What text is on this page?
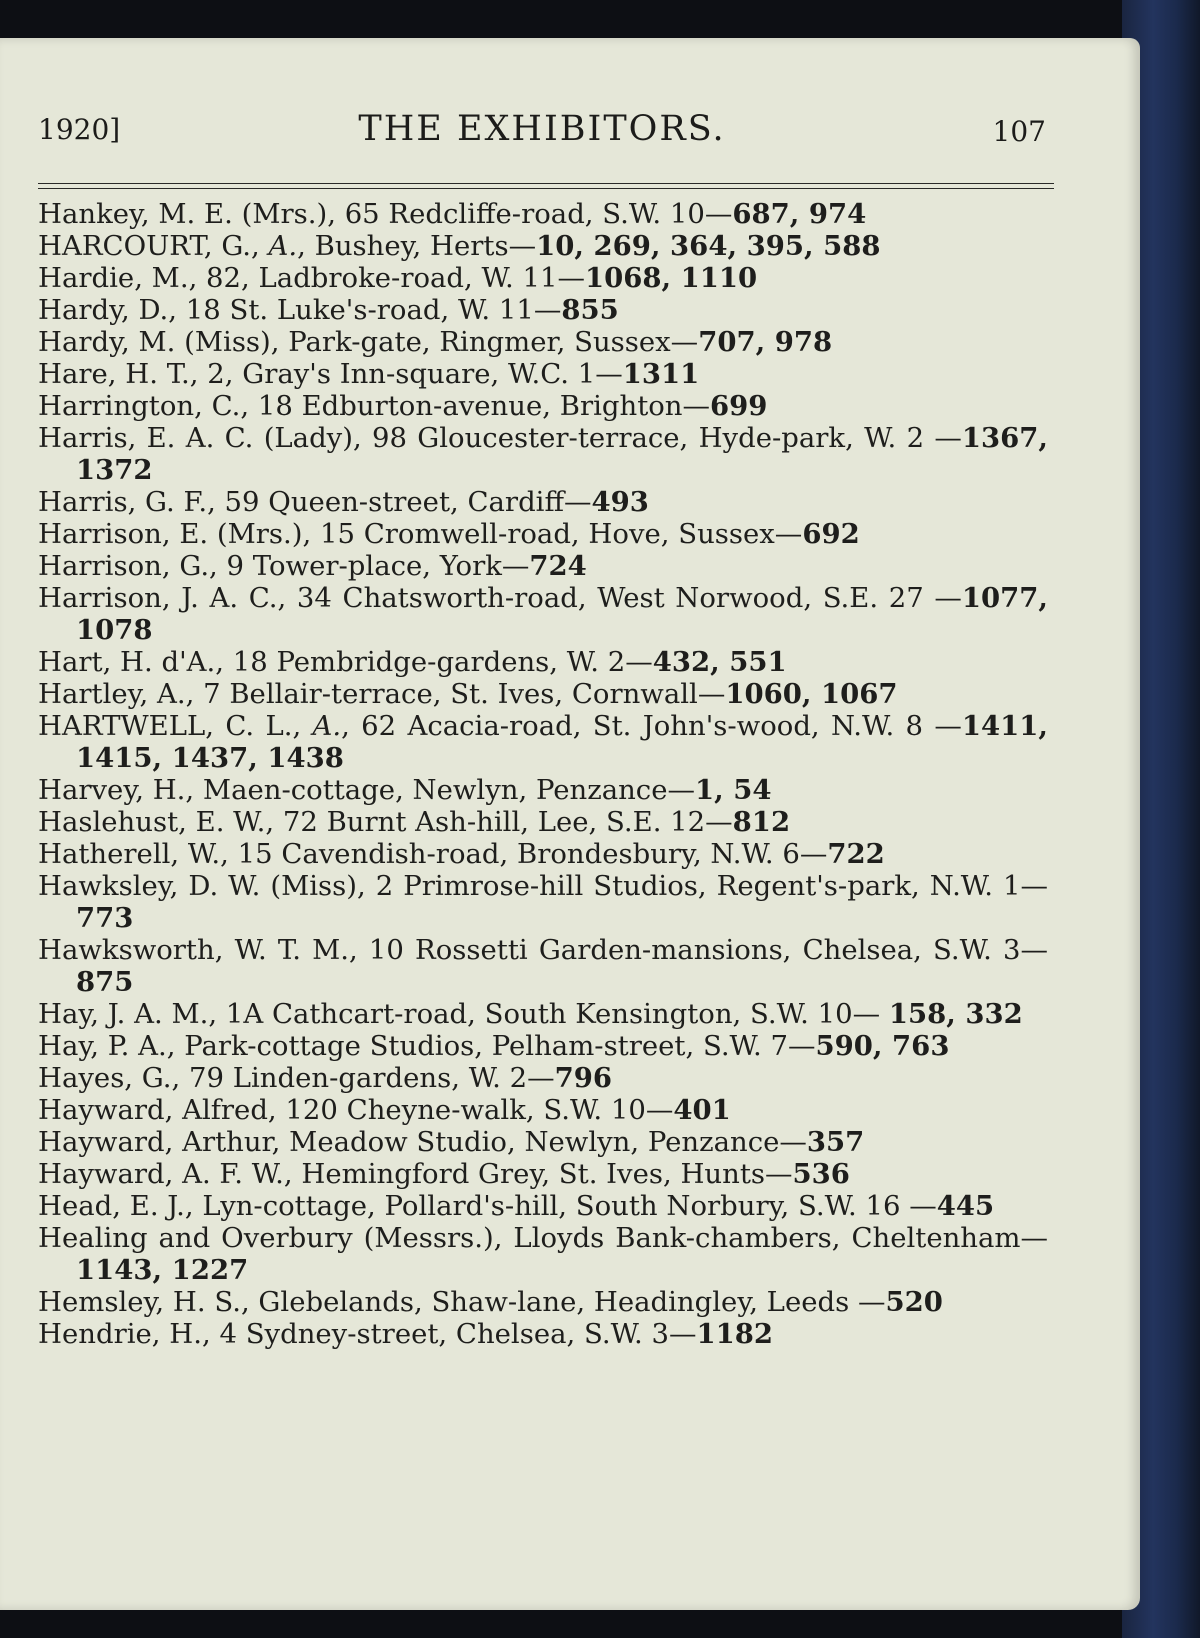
1920]	THE EXHIBITORS.	107
Hankey, M. E. (Mrs.), 65 Redcliffe-road, S.W. 10—687, 974
HARCOURT, G., A., Bushey, Herts—10, 269, 364, 395, 588
Hardie, M., 82, Ladbroke-road, W. 11—1068, 1110
Hardy, D., 18 St. Luke's-road, W. 11—855
Hardy, M. (Miss), Park-gate, Ringmer, Sussex—707, 978
Hare, H. T., 2, Gray's Inn-square, W.C. 1—1311
Harrington, C., 18 Edburton-avenue, Brighton—699
Harris, E. A. C. (Lady), 98 Gloucester-terrace, Hyde-park, W. 2 —1367, 1372
Harris, G. F., 59 Queen-street, Cardiff—493
Harrison, E. (Mrs.), 15 Cromwell-road, Hove, Sussex—692
Harrison, G., 9 Tower-place, York—724
Harrison, J. A. C., 34 Chatsworth-road, West Norwood, S.E. 27 —1077, 1078
Hart, H. d'A., 18 Pembridge-gardens, W. 2—432, 551
Hartley, A., 7 Bellair-terrace, St. Ives, Cornwall—1060, 1067
HARTWELL, C. L., A., 62 Acacia-road, St. John's-wood, N.W. 8 —1411, 1415, 1437, 1438
Harvey, H., Maen-cottage, Newlyn, Penzance—1, 54
Haslehust, E. W., 72 Burnt Ash-hill, Lee, S.E. 12—812
Hatherell, W., 15 Cavendish-road, Brondesbury, N.W. 6—722
Hawksley, D. W. (Miss), 2 Primrose-hill Studios, Regent's-park, N.W. 1—773
Hawksworth, W. T. M., 10 Rossetti Garden-mansions, Chelsea, S.W. 3—875
Hay, J. A. M., 1A Cathcart-road, South Kensington, S.W. 10— 158, 332
Hay, P. A., Park-cottage Studios, Pelham-street, S.W. 7—590, 763
Hayes, G., 79 Linden-gardens, W. 2—796
Hayward, Alfred, 120 Cheyne-walk, S.W. 10—401
Hayward, Arthur, Meadow Studio, Newlyn, Penzance—357
Hayward, A. F. W., Hemingford Grey, St. Ives, Hunts—536
Head, E. J., Lyn-cottage, Pollard's-hill, South Norbury, S.W. 16 —445
Healing and Overbury (Messrs.), Lloyds Bank-chambers, Cheltenham—1143, 1227
Hemsley, H. S., Glebelands, Shaw-lane, Headingley, Leeds —520
Hendrie, H., 4 Sydney-street, Chelsea, S.W. 3—1182
